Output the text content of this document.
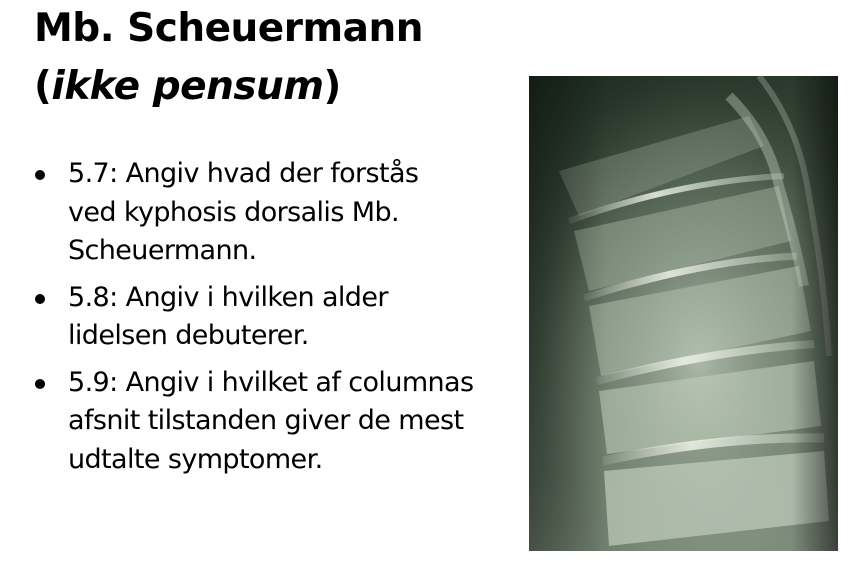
Mb. Scheuermann
(ikke pensum)
5.7: Angiv hvad der forstås ved kyphosis dorsalis Mb. Scheuermann.
5.8: Angiv i hvilken alder lidelsen debuterer.
5.9: Angiv i hvilket af columnas afsnit tilstanden giver de mest udtalte symptomer.
